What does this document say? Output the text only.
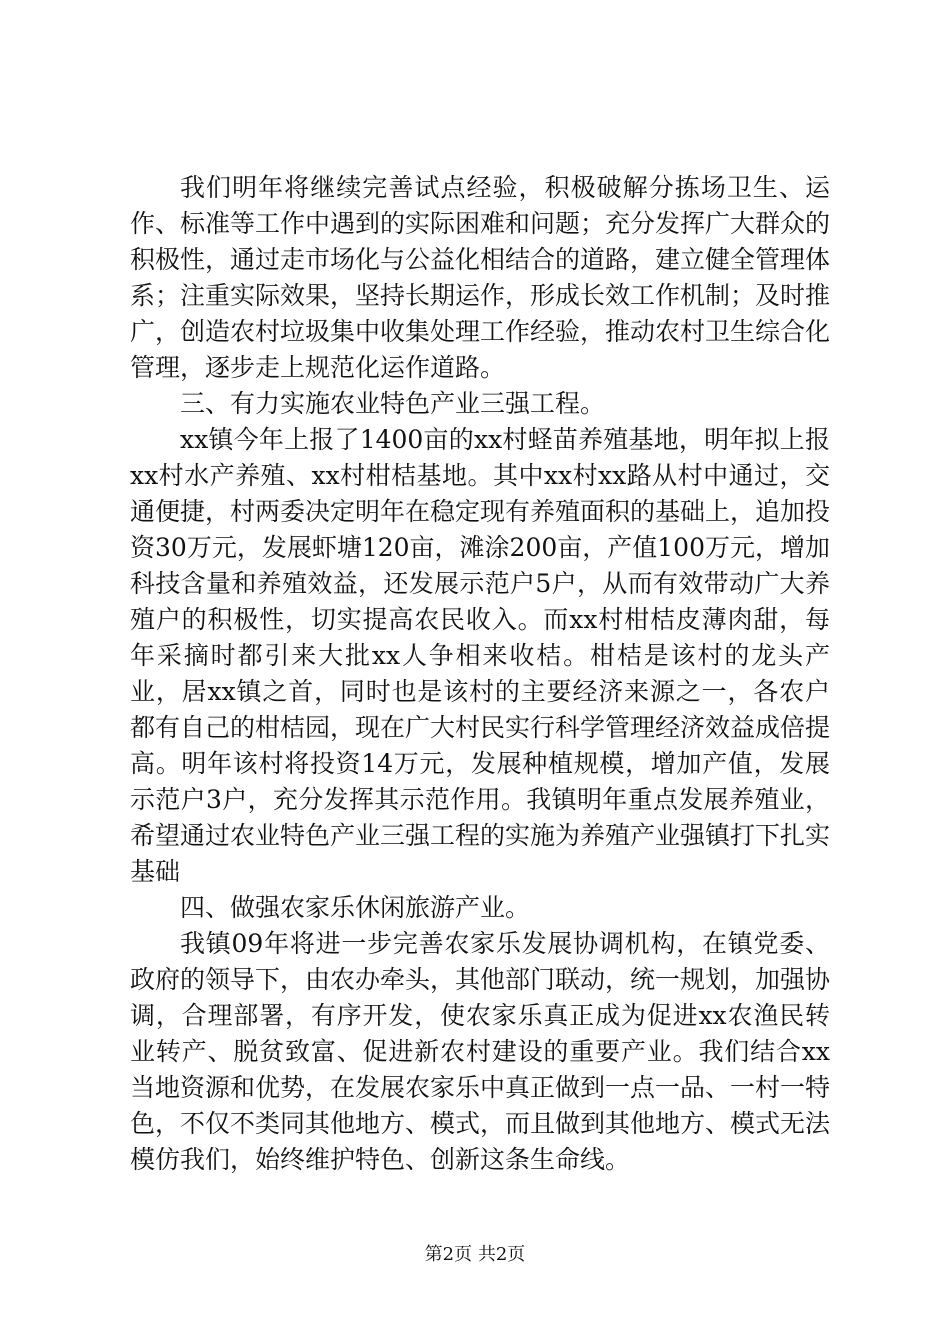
我们明年将继续完善试点经验，积极破解分拣场卫生、运作、标准等工作中遇到的实际困难和问题；充分发挥广大群众的积极性，通过走市场化与公益化相结合的道路，建立健全管理体系；注重实际效果，坚持长期运作，形成长效工作机制；及时推广，创造农村垃圾集中收集处理工作经验，推动农村卫生综合化管理，逐步走上规范化运作道路。

三、有力实施农业特色产业三强工程。

xx镇今年上报了1400亩的xx村蛏苗养殖基地，明年拟上报xx村水产养殖、xx村柑桔基地。其中xx村xx路从村中通过，交通便捷，村两委决定明年在稳定现有养殖面积的基础上，追加投资30万元，发展虾塘120亩，滩涂200亩，产值100万元，增加科技含量和养殖效益，还发展示范户5户，从而有效带动广大养殖户的积极性，切实提高农民收入。而xx村柑桔皮薄肉甜，每年采摘时都引来大批xx人争相来收桔。柑桔是该村的龙头产业，居xx镇之首，同时也是该村的主要经济来源之一，各农户都有自己的柑桔园，现在广大村民实行科学管理经济效益成倍提高。明年该村将投资14万元，发展种植规模，增加产值，发展示范户3户，充分发挥其示范作用。我镇明年重点发展养殖业，希望通过农业特色产业三强工程的实施为养殖产业强镇打下扎实基础

四、做强农家乐休闲旅游产业。

我镇09年将进一步完善农家乐发展协调机构，在镇党委、政府的领导下，由农办牵头，其他部门联动，统一规划，加强协调，合理部署，有序开发，使农家乐真正成为促进xx农渔民转业转产、脱贫致富、促进新农村建设的重要产业。我们结合xx当地资源和优势，在发展农家乐中真正做到一点一品、一村一特色，不仅不类同其他地方、模式，而且做到其他地方、模式无法模仿我们，始终维护特色、创新这条生命线。

第2页 共2页
